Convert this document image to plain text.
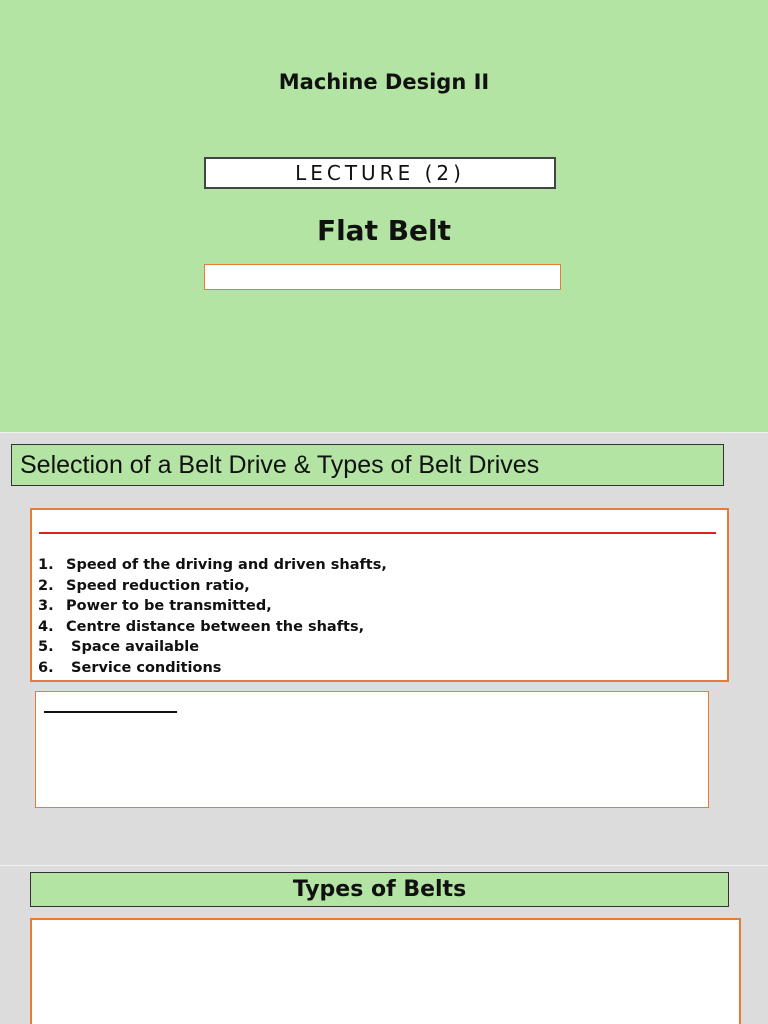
Machine Design II
LECTURE (2)
Flat Belt
Selection of a Belt Drive & Types of Belt Drives
1. Speed of the driving and driven shafts,
2. Speed reduction ratio,
3. Power to be transmitted,
4. Centre distance between the shafts,
5. Space available
6. Service conditions
Types of Belts
